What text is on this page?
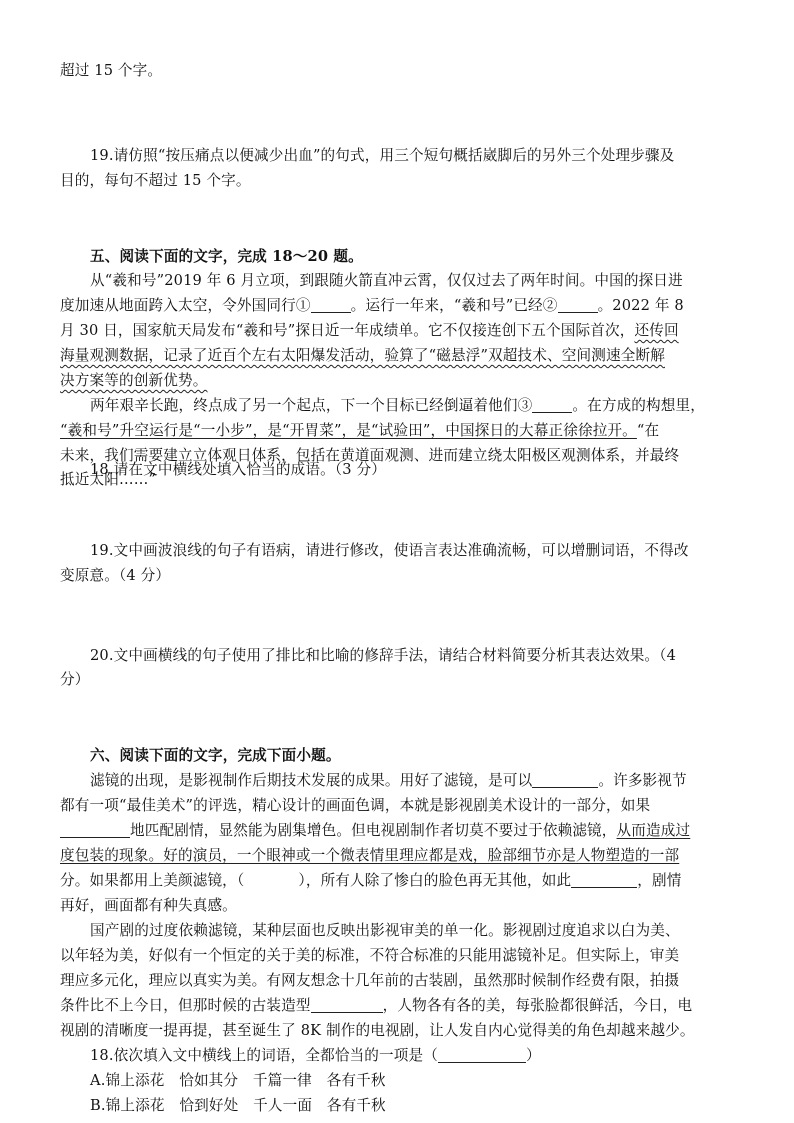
超过 15 个字。
19.请仿照“按压痛点以便减少出血”的句式，用三个短句概括崴脚后的另外三个处理步骤及
目的，每句不超过 15 个字。
五、阅读下面的文字，完成 18～20 题。
从“羲和号”2019 年 6 月立项，到跟随火箭直冲云霄，仅仅过去了两年时间。中国的探日进
度加速从地面跨入太空，令外国同行①	。运行一年来，“羲和号”已经②	。2022 年 8
月 30 日，国家航天局发布“羲和号”探日近一年成绩单。它不仅接连创下五个国际首次，还传回
海量观测数据，记录了近百个左右太阳爆发活动，验算了“磁悬浮”双超技术、空间测速全断解
决方案等的创新优势。
两年艰辛长跑，终点成了另一个起点，下一个目标已经倒逼着他们③	。在方成的构想里，
“羲和号”升空运行是“一小步”，是“开胃菜”，是“试验田”，中国探日的大幕正徐徐拉开。“在
未来，我们需要建立立体观日体系，包括在黄道面观测、进而建立绕太阳极区观测体系，并最终
抵近太阳……”
18.请在文中横线处填入恰当的成语。（3 分）
19.文中画波浪线的句子有语病，请进行修改，使语言表达准确流畅，可以增删词语，不得改
变原意。（4 分）
20.文中画横线的句子使用了排比和比喻的修辞手法，请结合材料简要分析其表达效果。（4
分）
六、阅读下面的文字，完成下面小题。
滤镜的出现，是影视制作后期技术发展的成果。用好了滤镜，是可以	。许多影视节
都有一项“最佳美术”的评选，精心设计的画面色调，本就是影视剧美术设计的一部分，如果
地匹配剧情，显然能为剧集增色。但电视剧制作者切莫不要过于依赖滤镜，从而造成过
度包装的现象。好的演员，一个眼神或一个微表情里理应都是戏，脸部细节亦是人物塑造的一部
分。如果都用上美颜滤镜，（	），所有人除了惨白的脸色再无其他，如此	，剧情
再好，画面都有种失真感。
国产剧的过度依赖滤镜，某种层面也反映出影视审美的单一化。影视剧过度追求以白为美、
以年轻为美，好似有一个恒定的关于美的标准，不符合标准的只能用滤镜补足。但实际上，审美
理应多元化，理应以真实为美。有网友想念十几年前的古装剧，虽然那时候制作经费有限，拍摄
条件比不上今日，但那时候的古装造型	，人物各有各的美，每张脸都很鲜活，今日，电
视剧的清晰度一提再提，甚至诞生了 8K 制作的电视剧，让人发自内心觉得美的角色却越来越少。
18.依次填入文中横线上的词语，全都恰当的一项是（	）
A.锦上添花　恰如其分　千篇一律　各有千秋
B.锦上添花　恰到好处　千人一面　各有千秋
